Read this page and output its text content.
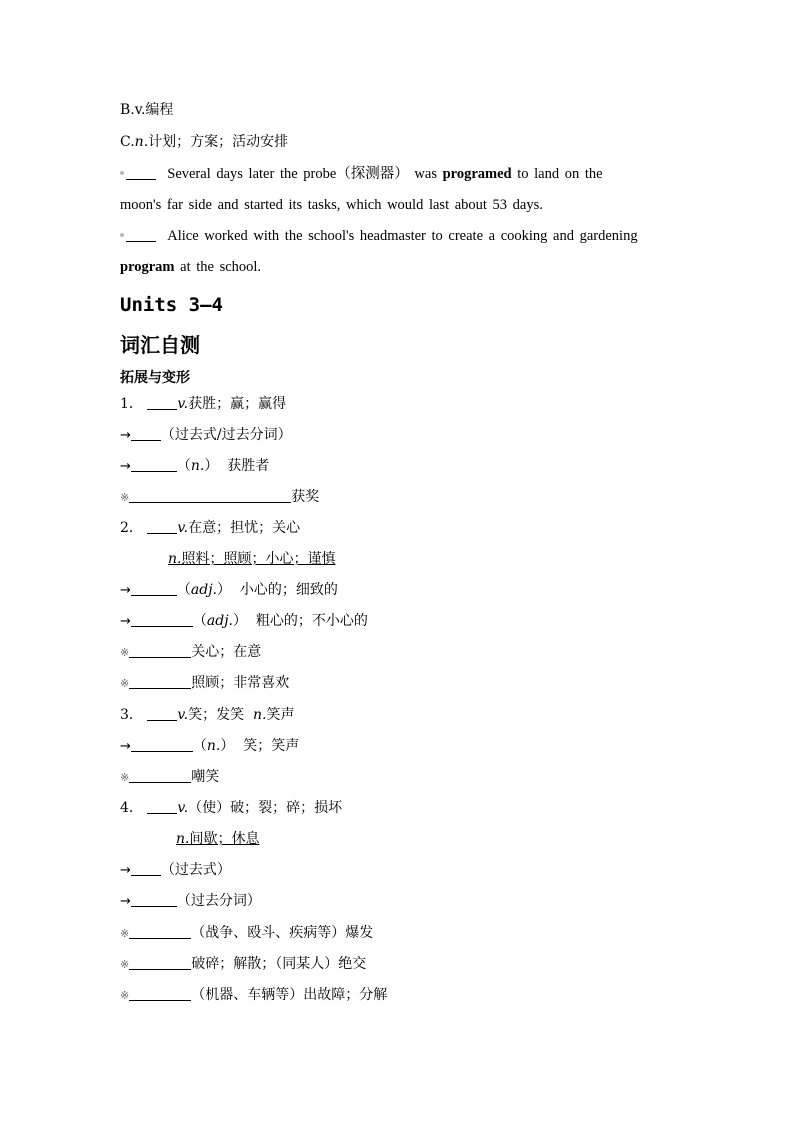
B.v.编程
C.n.计划；方案；活动安排
Several days later the probe（探测器） was programed to land on the
moon's far side and started its tasks, which would last about 53 days.
Alice worked with the school's headmaster to create a cooking and gardening
program at the school.
Units 3—4
词汇自测
拓展与变形
1． v.获胜；赢；赢得
→ （过去式/过去分词）
→	（n.）  获胜者
※	获奖
2． v.在意；担忧；关心
n.照料；照顾；小心；谨慎
→	（adj.）  小心的；细致的
→	（adj.）  粗心的；不小心的
※	关心；在意
※	照顾；非常喜欢
3． v.笑；发笑 n.笑声
→	（n.）  笑；笑声
※	嘲笑
4． v.（使）破；裂；碎；损坏
n.间歇；休息
→ （过去式）
→	（过去分词）
※	（战争、殴斗、疾病等）爆发
※	破碎；解散；（同某人）绝交
※	（机器、车辆等）出故障；分解
